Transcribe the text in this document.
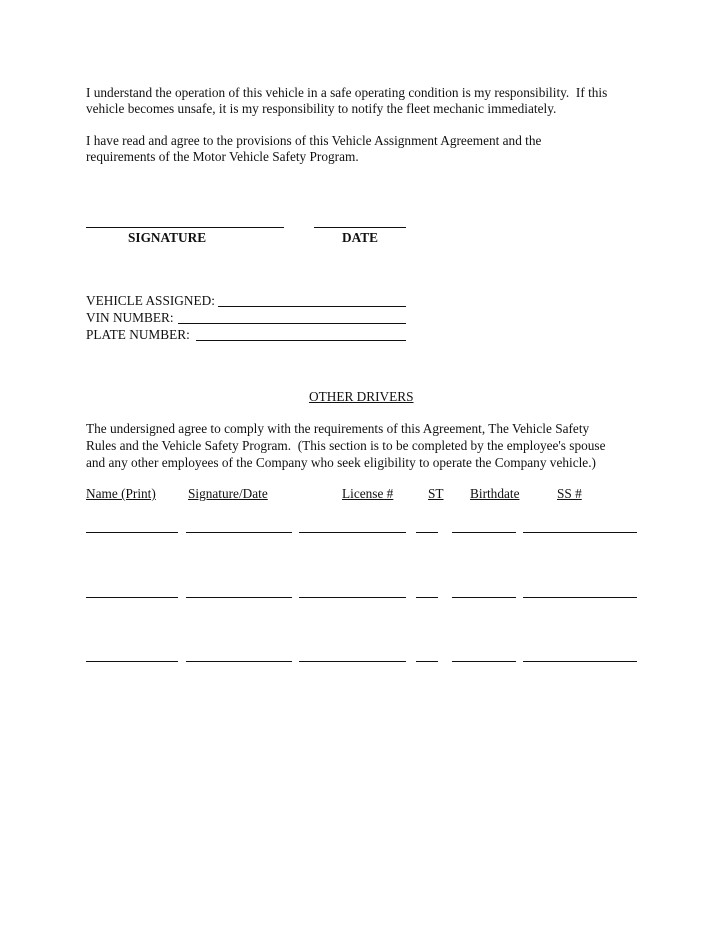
I understand the operation of this vehicle in a safe operating condition is my responsibility.  If this
vehicle becomes unsafe, it is my responsibility to notify the fleet mechanic immediately.
I have read and agree to the provisions of this Vehicle Assignment Agreement and the
requirements of the Motor Vehicle Safety Program.
SIGNATURE	DATE
VEHICLE ASSIGNED:
VIN NUMBER:
PLATE NUMBER:
OTHER DRIVERS
The undersigned agree to comply with the requirements of this Agreement, The Vehicle Safety
Rules and the Vehicle Safety Program.  (This section is to be completed by the employee's spouse
and any other employees of the Company who seek eligibility to operate the Company vehicle.)
Name (Print) Signature/Date	License #	ST Birthdate	SS #
